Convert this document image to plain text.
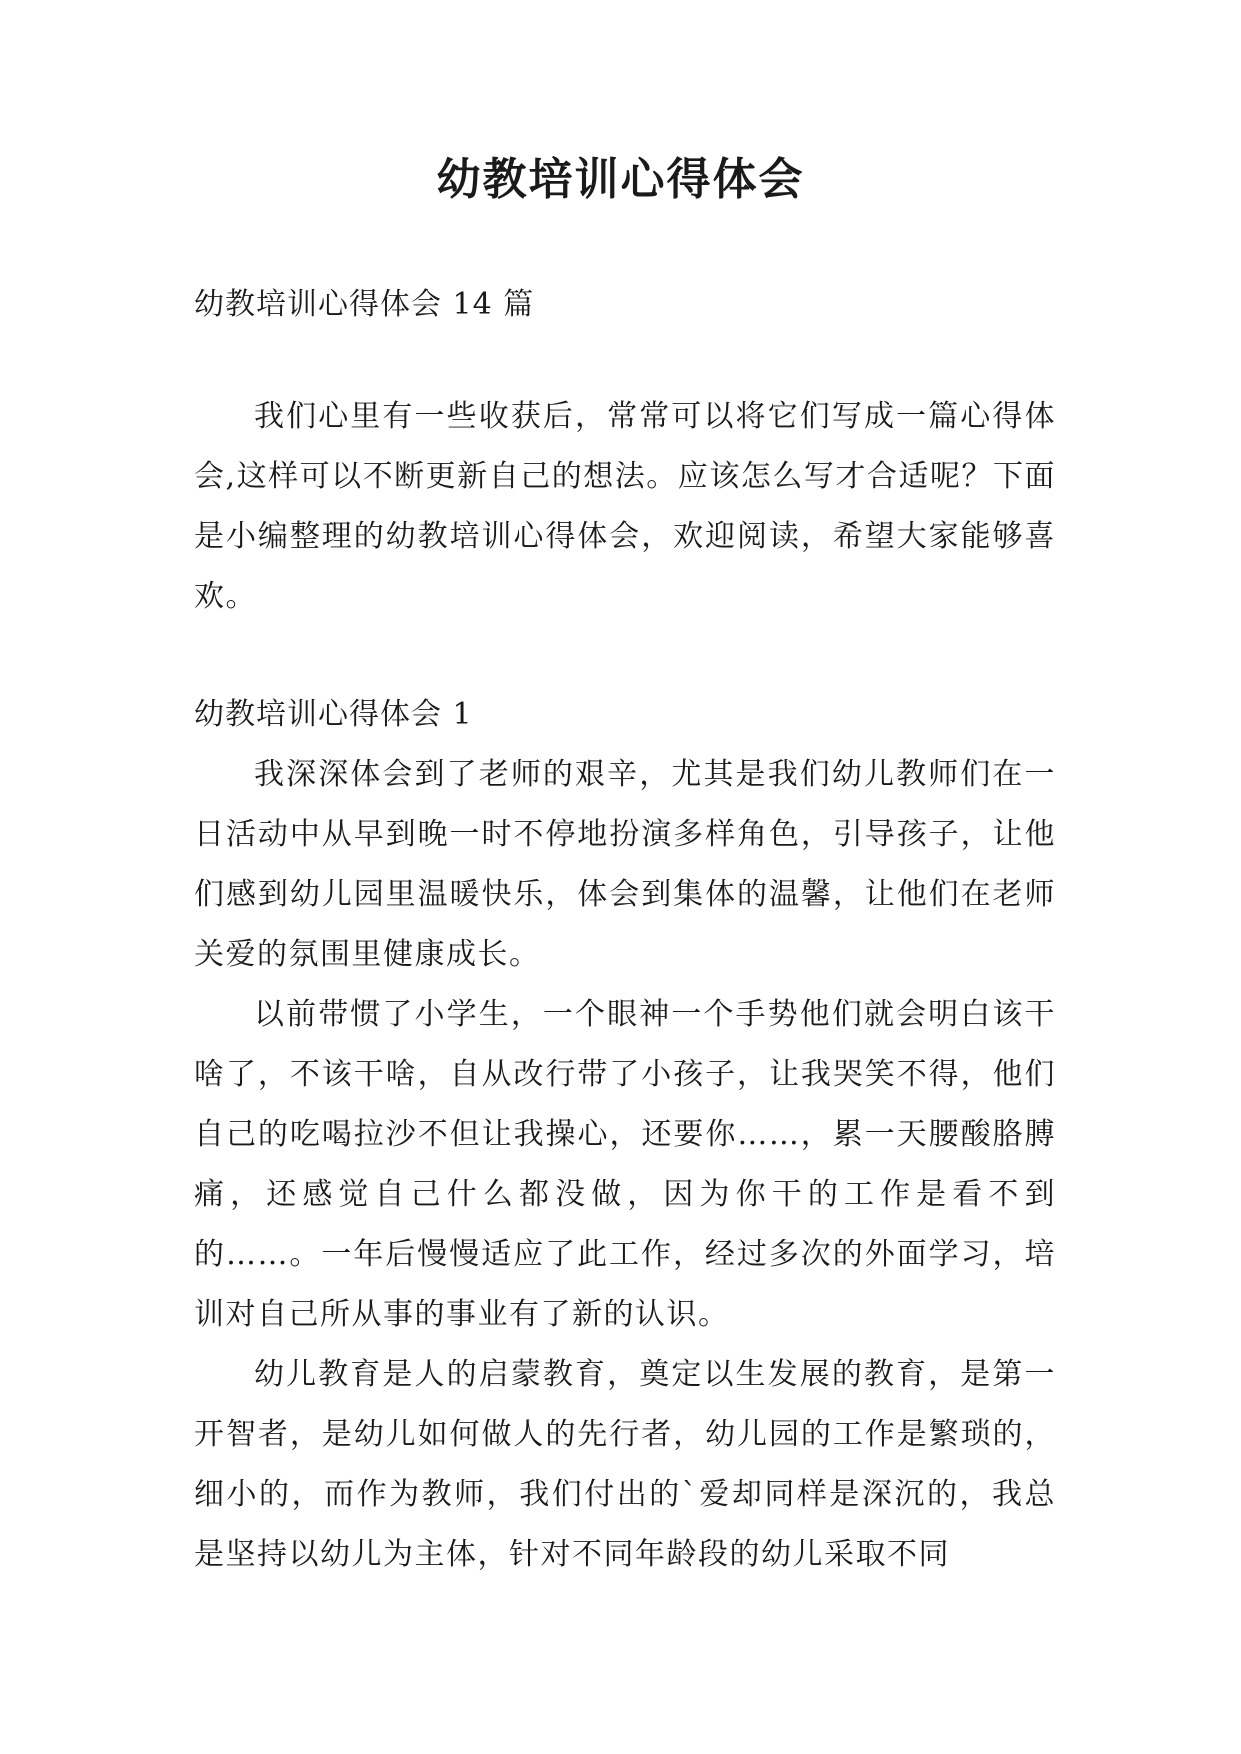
幼教培训心得体会

幼教培训心得体会 14 篇

我们心里有一些收获后，常常可以将它们写成一篇心得体会,这样可以不断更新自己的想法。应该怎么写才合适呢？下面是小编整理的幼教培训心得体会，欢迎阅读，希望大家能够喜欢。

幼教培训心得体会 1

我深深体会到了老师的艰辛，尤其是我们幼儿教师们在一日活动中从早到晚一时不停地扮演多样角色，引导孩子，让他们感到幼儿园里温暖快乐，体会到集体的温馨，让他们在老师关爱的氛围里健康成长。

以前带惯了小学生，一个眼神一个手势他们就会明白该干啥了，不该干啥，自从改行带了小孩子，让我哭笑不得，他们自己的吃喝拉沙不但让我操心，还要你……，累一天腰酸胳膊痛，还感觉自己什么都没做，因为你干的工作是看不到的……。一年后慢慢适应了此工作，经过多次的外面学习，培训对自己所从事的事业有了新的认识。

幼儿教育是人的启蒙教育，奠定以生发展的教育，是第一开智者，是幼儿如何做人的先行者，幼儿园的工作是繁琐的，细小的，而作为教师，我们付出的`爱却同样是深沉的，我总是坚持以幼儿为主体，针对不同年龄段的幼儿采取不同
